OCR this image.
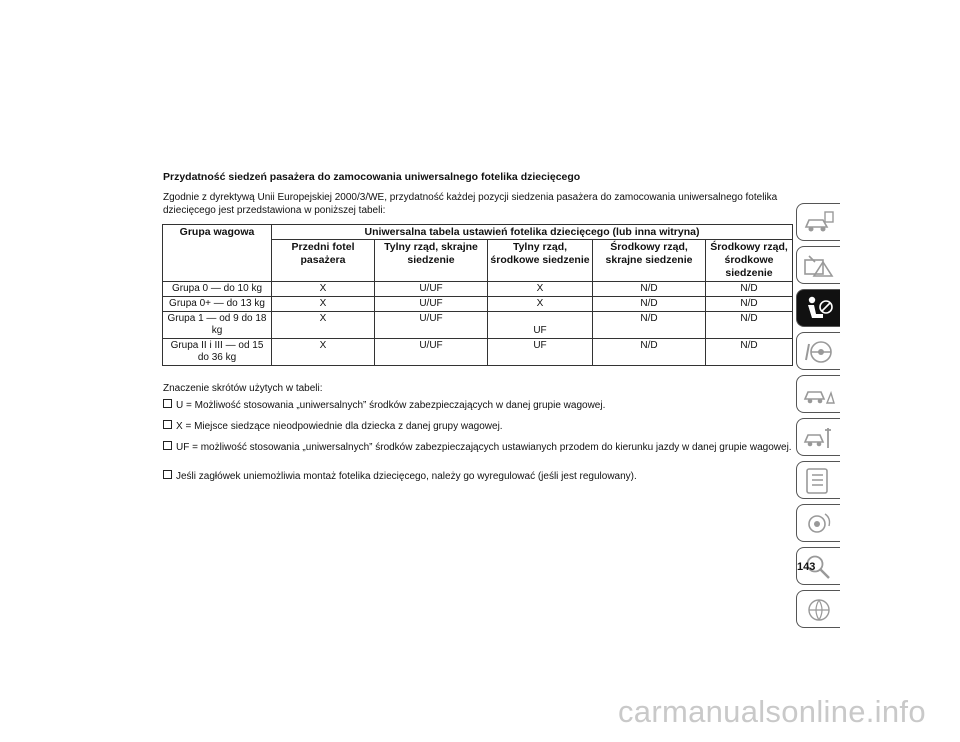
Przydatność siedzeń pasażera do zamocowania uniwersalnego fotelika dziecięcego
Zgodnie z dyrektywą Unii Europejskiej 2000/3/WE, przydatność każdej pozycji siedzenia pasażera do zamocowania uniwersalnego fotelika dziecięcego jest przedstawiona w poniższej tabeli:
Grupa wagowa	Uniwersalna tabela ustawień fotelika dziecięcego (lub inna witryna)				
	Przedni fotel pasażera	Tylny rząd, skrajne siedzenie	Tylny rząd, środkowe siedzenie	Środkowy rząd, skrajne siedzenie	Środkowy rząd, środkowe siedzenie
Grupa 0 — do 10 kg	X	U/UF	X	N/D	N/D
Grupa 0+ — do 13 kg	X	U/UF	X	N/D	N/D
Grupa 1 — od 9 do 18 kg	X	U/UF	UF	N/D	N/D
Grupa II i III — od 15 do 36 kg	X	U/UF	UF	N/D	N/D
Znaczenie skrótów użytych w tabeli:
U = Możliwość stosowania „uniwersalnych” środków zabezpieczających w danej grupie wagowej.
X = Miejsce siedzące nieodpowiednie dla dziecka z danej grupy wagowej.
UF = możliwość stosowania „uniwersalnych” środków zabezpieczających ustawianych przodem do kierunku jazdy w danej grupie wagowej.
Jeśli zagłówek uniemożliwia montaż fotelika dziecięcego, należy go wyregulować (jeśli jest regulowany).
143
carmanualsonline.info
